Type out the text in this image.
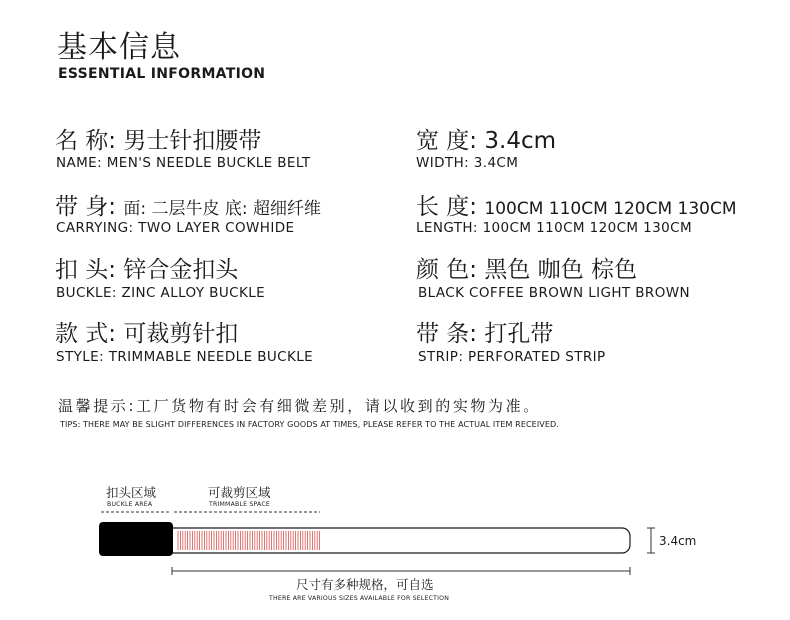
基本信息
ESSENTIAL INFORMATION
名 称: 男士针扣腰带
NAME: MEN'S NEEDLE BUCKLE BELT
宽 度: 3.4cm
WIDTH: 3.4CM
带 身: 面: 二层牛皮 底: 超细纤维
CARRYING: TWO LAYER COWHIDE
长 度: 100CM 110CM 120CM 130CM
LENGTH: 100CM 110CM 120CM 130CM
扣 头: 锌合金扣头
BUCKLE: ZINC ALLOY BUCKLE
颜 色: 黑色 咖色 棕色
BLACK COFFEE BROWN LIGHT BROWN
款 式: 可裁剪针扣
STYLE: TRIMMABLE NEEDLE BUCKLE
带 条: 打孔带
STRIP: PERFORATED STRIP
温馨提示:工厂货物有时会有细微差别，请以收到的实物为准。
TIPS: THERE MAY BE SLIGHT DIFFERENCES IN FACTORY GOODS AT TIMES, PLEASE REFER TO THE ACTUAL ITEM RECEIVED.
扣头区域
BUCKLE AREA
可裁剪区域
TRIMMABLE SPACE
3.4cm
尺寸有多种规格，可自选
THERE ARE VARIOUS SIZES AVAILABLE FOR SELECTION
